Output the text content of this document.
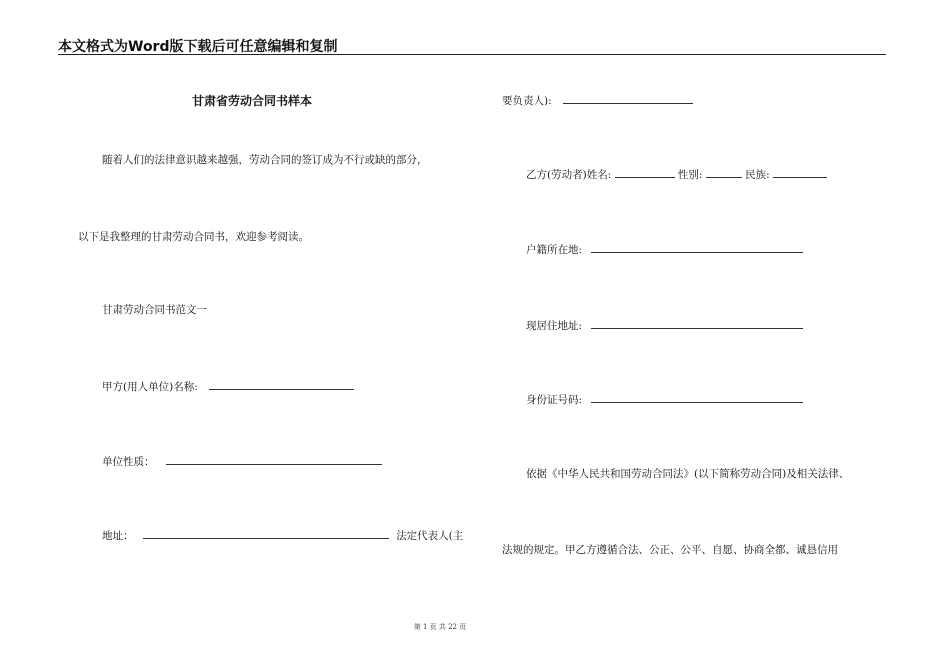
本文格式为Word版下载后可任意编辑和复制
甘肃省劳动合同书样本
随着人们的法律意识越来越强，劳动合同的签订成为不行或缺的部分，
以下是我整理的甘肃劳动合同书，欢迎参考阅读。
甘肃劳动合同书范文一
甲方(用人单位)名称:
单位性质：
地址：	法定代表人(主
要负责人):
乙方(劳动者)姓名:	性别:	民族:
户籍所在地:
现居住地址:
身份证号码:
依据《中华人民共和国劳动合同法》(以下简称劳动合同)及相关法律、
法规的规定。甲乙方遵循合法、公正、公平、自愿、协商全都、诚恳信用
第 1 页 共 22 页
